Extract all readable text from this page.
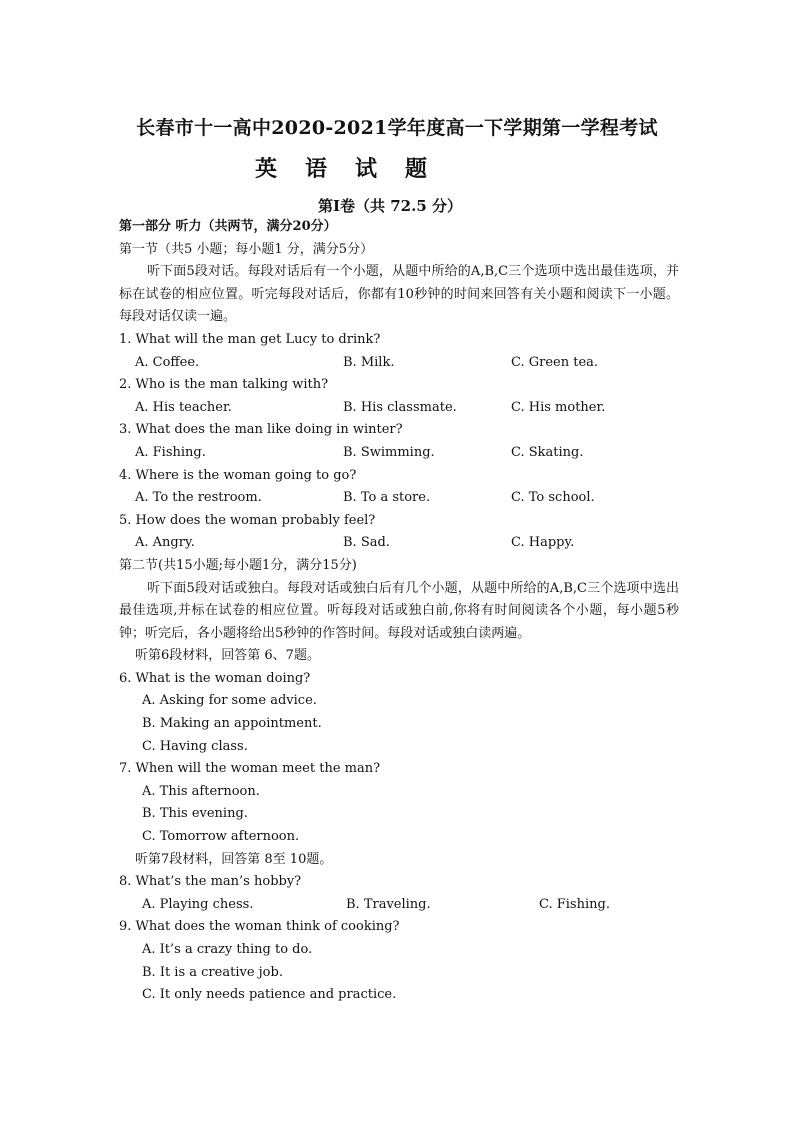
长春市十一高中2020-2021学年度高一下学期第一学程考试
英语试题
第I卷（共 72.5 分）
第一部分 听力（共两节，满分20分）
第一节（共5 小题；每小题1 分，满分5分）
听下面5段对话。每段对话后有一个小题，从题中所给的A,B,C三个选项中选出最佳选项，并标在试卷的相应位置。听完每段对话后，你都有10秒钟的时间来回答有关小题和阅读下一小题。每段对话仅读一遍。
1. What will the man get Lucy to drink?
A. Coffee.	B. Milk.	C. Green tea.
2. Who is the man talking with?
A. His teacher.	B. His classmate.	C. His mother.
3. What does the man like doing in winter?
A. Fishing.	B. Swimming.	C. Skating.
4. Where is the woman going to go?
A. To the restroom.	B. To a store.	C. To school.
5. How does the woman probably feel?
A. Angry.	B. Sad.	C. Happy.
第二节(共15小题;每小题1分，满分15分)
听下面5段对话或独白。每段对话或独白后有几个小题，从题中所给的A,B,C三个选项中选出最佳选项,并标在试卷的相应位置。听每段对话或独白前,你将有时间阅读各个小题，每小题5秒钟；听完后，各小题将给出5秒钟的作答时间。每段对话或独白读两遍。
听第6段材料，回答第 6、7题。
6. What is the woman doing?
A. Asking for some advice.
B. Making an appointment.
C. Having class.
7. When will the woman meet the man?
A. This afternoon.
B. This evening.
C. Tomorrow afternoon.
听第7段材料，回答第 8至 10题。
8. What’s the man’s hobby?
A. Playing chess.	B. Traveling.	C. Fishing.
9. What does the woman think of cooking?
A. It’s a crazy thing to do.
B. It is a creative job.
C. It only needs patience and practice.
